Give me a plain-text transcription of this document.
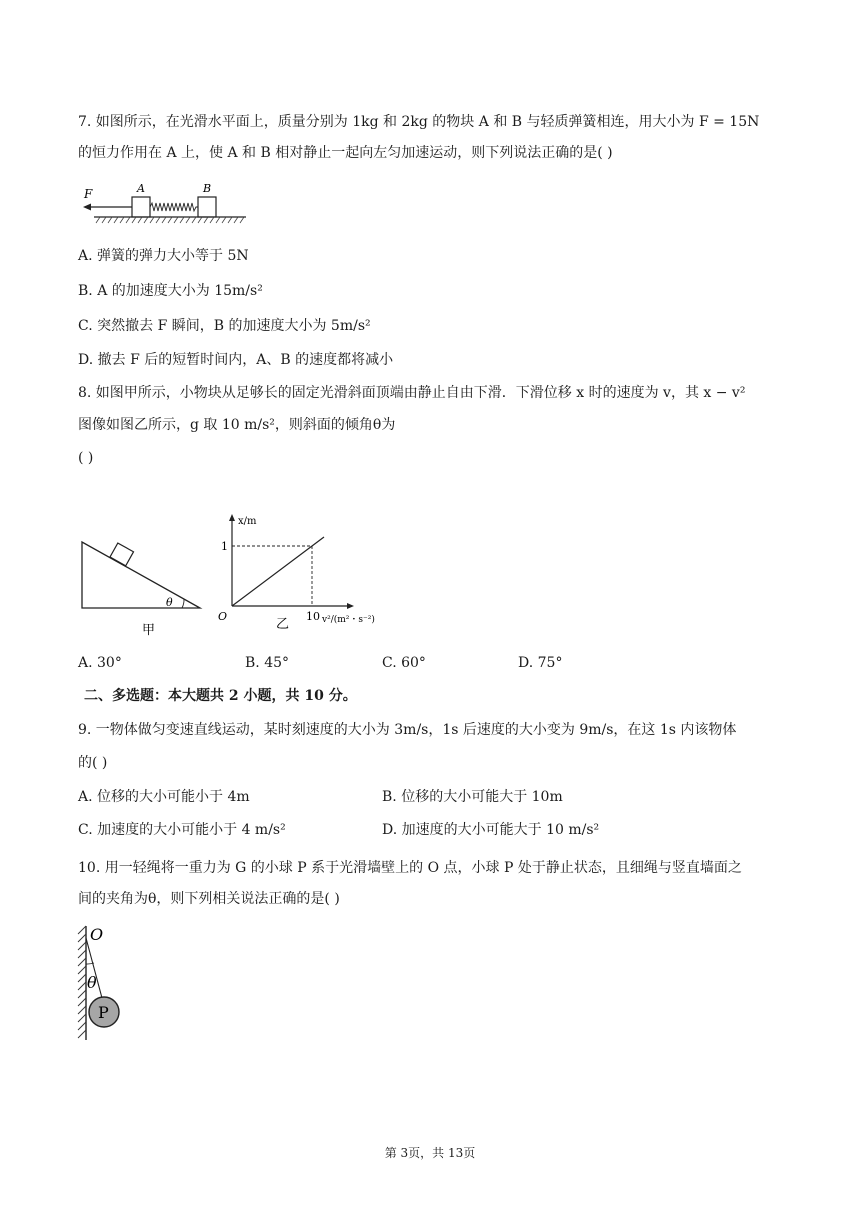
7. 如图所示，在光滑水平面上，质量分别为 1kg 和 2kg 的物块 A 和 B 与轻质弹簧相连，用大小为 F = 15N
的恒力作用在 A 上，使 A 和 B 相对静止一起向左匀加速运动，则下列说法正确的是( )
F	A	B
A. 弹簧的弹力大小等于 5N
B. A 的加速度大小为 15m/s²
C. 突然撤去 F 瞬间，B 的加速度大小为 5m/s²
D. 撤去 F 后的短暂时间内，A、B 的速度都将减小
8. 如图甲所示，小物块从足够长的固定光滑斜面顶端由静止自由下滑．下滑位移 x 时的速度为 v，其 x − v²
图像如图乙所示，g 取 10 m/s²，则斜面的倾角θ为
( )
θ
甲
x/m
v²/(m²・s⁻²)
O
1
10
乙
A. 30°	B. 45°	C. 60°	D. 75°
二、多选题：本大题共 2 小题，共 10 分。
9. 一物体做匀变速直线运动，某时刻速度的大小为 3m/s，1s 后速度的大小变为 9m/s，在这 1s 内该物体
的( )
A. 位移的大小可能小于 4m	B. 位移的大小可能大于 10m
C. 加速度的大小可能小于 4 m/s²	D. 加速度的大小可能大于 10 m/s²
10. 用一轻绳将一重力为 G 的小球 P 系于光滑墙壁上的 O 点，小球 P 处于静止状态，且细绳与竖直墙面之
间的夹角为θ，则下列相关说法正确的是( )
O
θ
P
第 3页，共 13页
